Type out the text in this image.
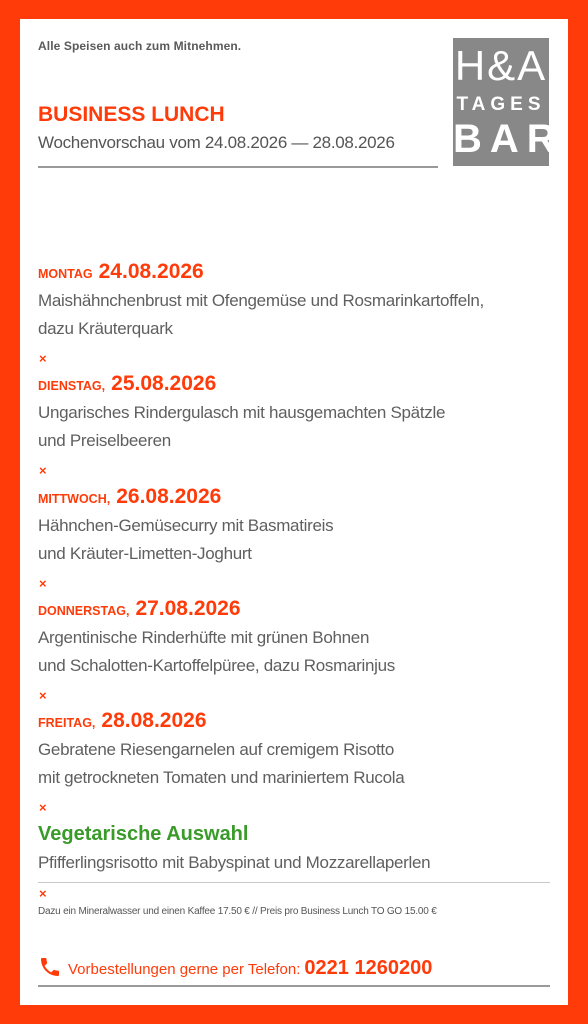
Alle Speisen auch zum Mitnehmen.	H&A
TAGES
BAR
BUSINESS LUNCH
Wochenvorschau vom 24.08.2026 — 28.08.2026
MONTAG 24.08.2026
Maishähnchenbrust mit Ofengemüse und Rosmarinkartoffeln,
dazu Kräuterquark
×
DIENSTAG, 25.08.2026
Ungarisches Rindergulasch mit hausgemachten Spätzle
und Preiselbeeren
×
MITTWOCH, 26.08.2026
Hähnchen-Gemüsecurry mit Basmatireis
und Kräuter-Limetten-Joghurt
×
DONNERSTAG, 27.08.2026
Argentinische Rinderhüfte mit grünen Bohnen
und Schalotten-Kartoffelpüree, dazu Rosmarinjus
×
FREITAG, 28.08.2026
Gebratene Riesengarnelen auf cremigem Risotto
mit getrockneten Tomaten und mariniertem Rucola
×
Vegetarische Auswahl
Pfifferlingsrisotto mit Babyspinat und Mozzarellaperlen
×
Dazu ein Mineralwasser und einen Kaffee 17.50 € // Preis pro Business Lunch TO GO 15.00 €
Vorbestellungen gerne per Telefon: 0221 1260200
